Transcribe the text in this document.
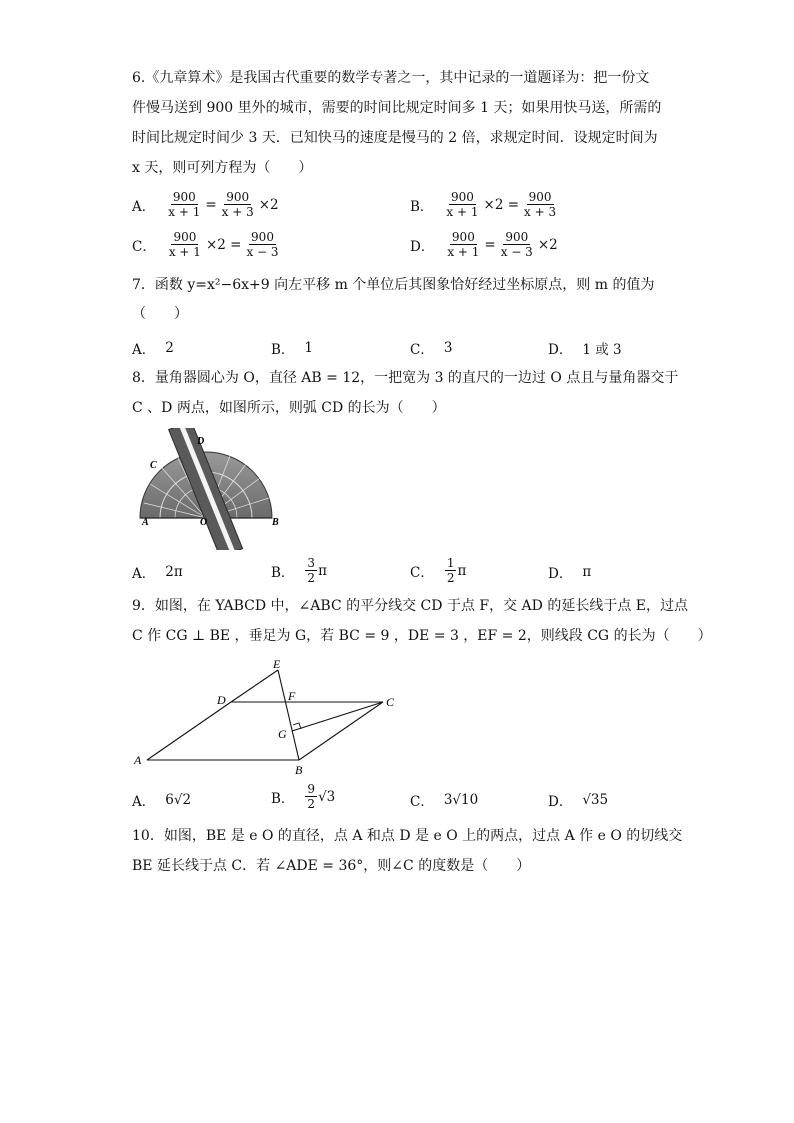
6.《九章算术》是我国古代重要的数学专著之一，其中记录的一道题译为：把一份文
件慢马送到 900 里外的城市，需要的时间比规定时间多 1 天；如果用快马送，所需的
时间比规定时间少 3 天．已知快马的速度是慢马的 2 倍，求规定时间．设规定时间为
x 天，则可列方程为（　　）
A． $\frac{900}{x + 1} = \frac{900}{x + 3} \times 2$	B． $\frac{900}{x + 1} \times 2 = \frac{900}{x + 3}$
C． $\frac{900}{x + 1} \times 2 = \frac{900}{x - 3}$	D． $\frac{900}{x + 1} = \frac{900}{x - 3} \times 2$
7．函数 y=x²−6x+9 向左平移 m 个单位后其图象恰好经过坐标原点，则 m 的值为
（　　）
A． 2	B． 1	C． 3	D． 1 或 3
8．量角器圆心为 O，直径 AB = 12，一把宽为 3 的直尺的一边过 O 点且与量角器交于
C 、D 两点，如图所示，则弧 CD 的长为（　　）
D
C
A	O	B
A． 2π	B． $\frac{3}{2}$ π	C． $\frac{1}{2}$ π	D． π
9．如图，在 YABCD 中，∠ABC 的平分线交 CD 于点 F，交 AD 的延长线于点 E，过点
C 作 CG ⊥ BE ，垂足为 G，若 BC = 9 ，DE = 3 ，EF = 2，则线段 CG 的长为（　　）
E
D	F	C
G
A
B
A． 6√2	B． $\frac{9}{2} √3$	C． 3√10	D． √35
10．如图，BE 是 e O 的直径，点 A 和点 D 是 e O 上的两点，过点 A 作 e O 的切线交
BE 延长线于点 C．若 ∠ADE = 36°，则∠C 的度数是（　　）
